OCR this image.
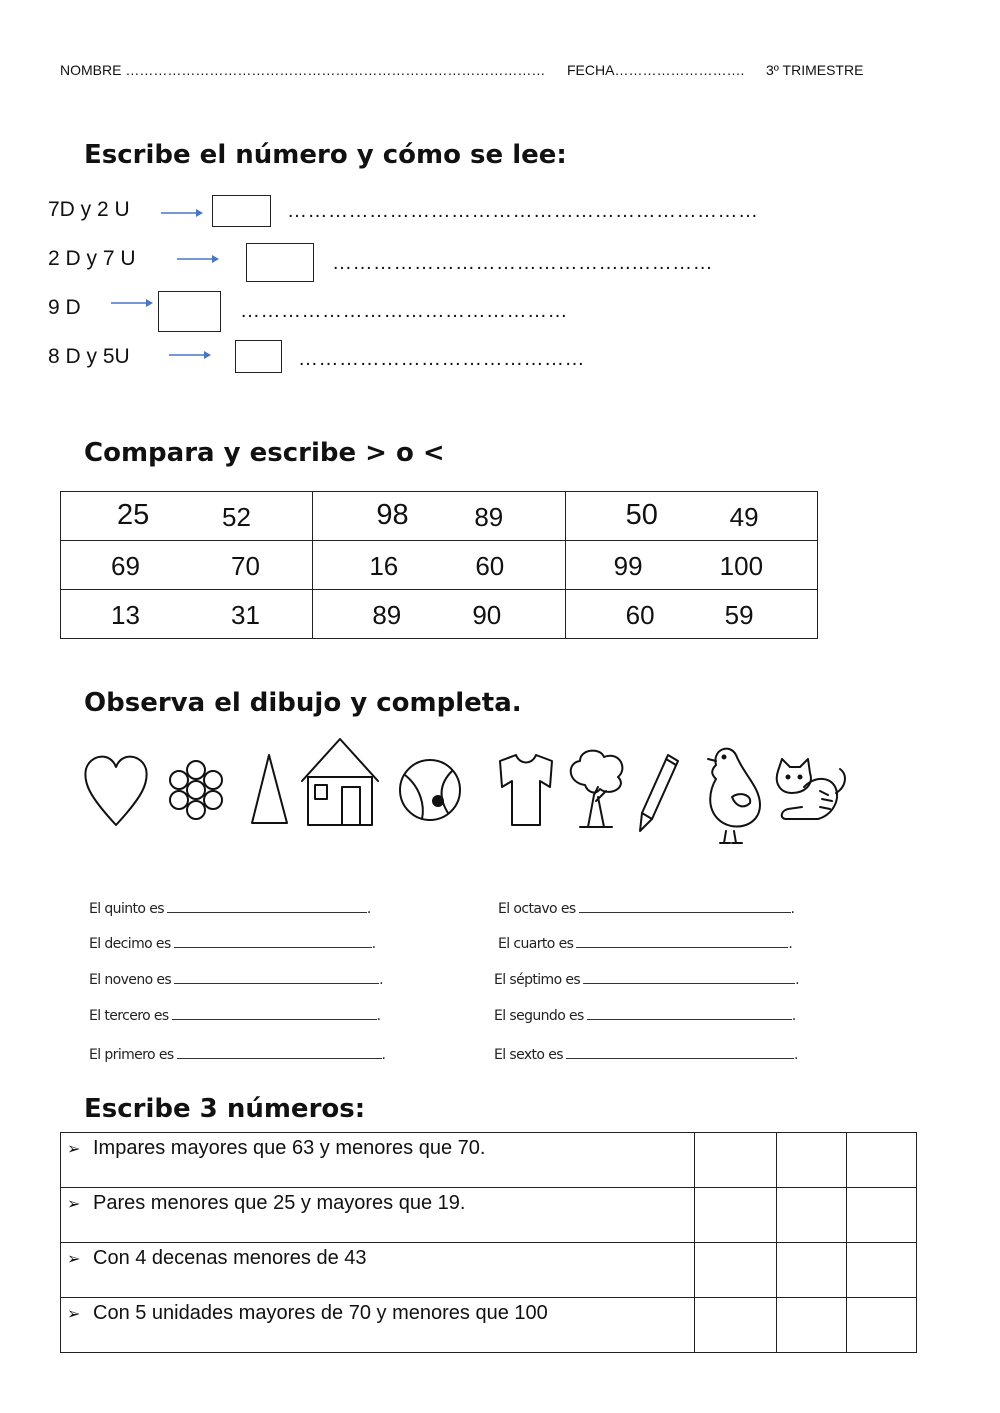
NOMBRE ……………………………………………………………………………… FECHA………………………. 3º TRIMESTRE
Escribe el número y cómo se lee:
7D y 2 U	……………………………………………………………
2 D y 7 U	……………………………………..…………
9 D	…………………………………………
8 D y 5U	……………………………………
Compara y escribe > o <
25 52	98 89	50 49

69 70	16 60	99 100

13 31	89 90	60 59
Observa el dibujo y completa.
El quinto es	.
El decimo es	.
El noveno es	.
El tercero es	.
El primero es	.
El octavo es	.
El cuarto es	.
El séptimo es	.
El segundo es	.
El sexto es	.
Escribe 3 números:
➢ Impares mayores que 63 y menores que 70.			
➢ Pares menores que 25 y mayores que 19.			
➢ Con 4 decenas menores de 43			
➢ Con 5 unidades mayores de 70 y menores que 100			
